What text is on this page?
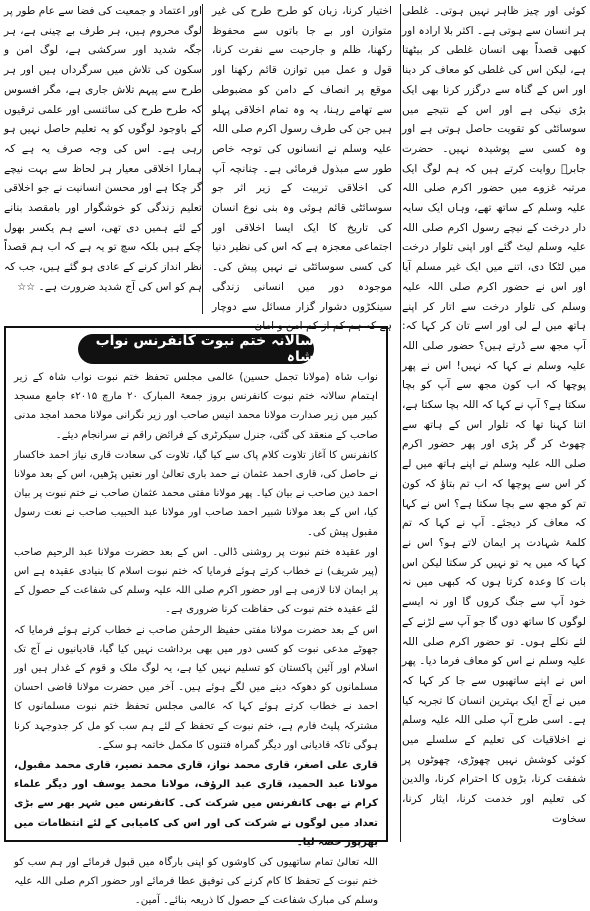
کوئی اور چیز ظاہر نہیں ہوتی۔ غلطی ہر انسان سے ہوتی ہے۔ اکثر بلا ارادہ اور کبھی قصداً بھی انسان غلطی کر بیٹھتا ہے، لیکن اس کی غلطی کو معاف کر دینا اور اس کے گناہ سے درگزر کرنا بھی ایک بڑی نیکی ہے اور اس کے نتیجے میں سوسائٹی کو تقویت حاصل ہوتی ہے اور وہ کسی سے پوشیدہ نہیں۔ حضرت جابرؓ روایت کرتے ہیں کہ ہم لوگ ایک مرتبہ غزوے میں حضور اکرم صلی اللہ علیہ وسلم کے ساتھ تھے، وہاں ایک سایہ دار درخت کے نیچے رسول اکرم صلی اللہ علیہ وسلم لیٹ گئے اور اپنی تلوار درخت میں لٹکا دی، اتنے میں ایک غیر مسلم آیا اور اس نے حضور اکرم صلی اللہ علیہ وسلم کی تلوار درخت سے اتار کر اپنے ہاتھ میں لے لی اور اسے تان کر کہا کہ: آپ مجھ سے ڈرتے ہیں؟ حضور صلی اللہ علیہ وسلم نے کہا کہ نہیں! اس نے پھر پوچھا کہ اب کون مجھ سے آپ کو بچا سکتا ہے؟ آپ نے کہا کہ اللہ بچا سکتا ہے، اتنا کہنا تھا کہ تلوار اس کے ہاتھ سے چھوٹ کر گر پڑی اور پھر حضور اکرم صلی اللہ علیہ وسلم نے اپنے ہاتھ میں لے کر اس سے پوچھا کہ اب تم بتاؤ کہ کون تم کو مجھ سے بچا سکتا ہے؟ اس نے کہا کہ معاف کر دیجئے۔ آپ نے کہا کہ تم کلمۂ شہادت پر ایمان لاتے ہو؟ اس نے کہا کہ میں یہ تو نہیں کر سکتا لیکن اس بات کا وعدہ کرتا ہوں کہ کبھی میں نہ خود آپ سے جنگ کروں گا اور نہ ایسے لوگوں کا ساتھ دوں گا جو آپ سے لڑنے کے لئے نکلے ہوں۔ تو حضور اکرم صلی اللہ علیہ وسلم نے اس کو معاف فرما دیا۔ پھر اس نے اپنے ساتھیوں سے جا کر کہا کہ میں نے آج ایک بہترین انسان کا تجربہ کیا ہے۔ اسی طرح آپ صلی اللہ علیہ وسلم نے اخلاقیات کی تعلیم کے سلسلے میں کوئی کوشش نہیں چھوڑی، چھوٹوں پر شفقت کرنا، بڑوں کا احترام کرنا، والدین کی تعلیم اور خدمت کرنا، ایثار کرنا، سخاوت

اختیار کرنا، زبان کو طرح طرح کی غیر متوازن اور بے جا باتوں سے محفوظ رکھنا، ظلم و جارحیت سے نفرت کرنا، قول و عمل میں توازن قائم رکھنا اور موقع پر انصاف کے دامن کو مضبوطی سے تھامے رہنا، یہ وہ تمام اخلاقی پہلو ہیں جن کی طرف رسول اکرم صلی اللہ علیہ وسلم نے انسانوں کی توجہ خاص طور سے مبذول فرمائی ہے۔ چنانچہ آپ کی اخلاقی تربیت کے زیر اثر جو سوسائٹی قائم ہوئی وہ بنی نوع انسان کی تاریخ کا ایک ایسا اخلاقی اور اجتماعی معجزہ ہے کہ اس کی نظیر دنیا کی کسی سوسائٹی نے نہیں پیش کی۔ موجودہ دور میں انسانی زندگی سینکڑوں دشوار گزار مسائل سے دوچار ہے کہ ہم کم از کم امن و امان

اور اعتماد و جمعیت کی فضا سے عام طور پر لوگ محروم ہیں، ہر طرف بے چینی ہے، ہر جگہ شدید اور سرکشی ہے، لوگ امن و سکون کی تلاش میں سرگرداں ہیں اور ہر طرح سے پیہم تلاش جاری ہے، مگر افسوس کہ طرح طرح کی سائنسی اور علمی ترقیوں کے باوجود لوگوں کو یہ تعلیم حاصل نہیں ہو رہی ہے۔ اس کی وجہ صرف یہ ہے کہ ہمارا اخلاقی معیار ہر لحاظ سے بہت نیچے گر چکا ہے اور محسن انسانیت نے جو اخلاقی تعلیم زندگی کو خوشگوار اور بامقصد بنانے کے لئے ہمیں دی تھی، اسے ہم یکسر بھول چکے ہیں بلکہ سچ تو یہ ہے کہ اب ہم قصداً نظر انداز کرنے کے عادی ہو گئے ہیں، جب کہ ہم کو اس کی آج شدید ضرورت ہے۔ ☆☆

سالانہ ختم نبوت کانفرنس نواب شاہ

نواب شاہ (مولانا تجمل حسین) عالمی مجلس تحفظ ختم نبوت نواب شاہ کے زیر اہتمام سالانہ ختم نبوت کانفرنس بروز جمعۃ المبارک ۲۰ مارچ ۲۰۱۵ء جامع مسجد کبیر میں زیر صدارت مولانا محمد انیس صاحب اور زیر نگرانی مولانا محمد امجد مدنی صاحب کے منعقد کی گئی، جنرل سیکرٹری کے فرائض راقم نے سرانجام دیئے۔

کانفرنس کا آغاز تلاوت کلام پاک سے کیا گیا، تلاوت کی سعادت قاری نیاز احمد خاکسار نے حاصل کی، قاری احمد عثمان نے حمد باری تعالیٰ اور نعتیں پڑھیں، اس کے بعد مولانا احمد دین صاحب نے بیان کیا۔ پھر مولانا مفتی محمد عثمان صاحب نے ختم نبوت پر بیان کیا، اس کے بعد مولانا شبیر احمد صاحب اور مولانا عبد الحبیب صاحب نے نعت رسول مقبول پیش کی۔

اور عقیدہ ختم نبوت پر روشنی ڈالی۔ اس کے بعد حضرت مولانا عبد الرحیم صاحب (پیر شریف) نے خطاب کرتے ہوئے فرمایا کہ ختم نبوت اسلام کا بنیادی عقیدہ ہے اس پر ایمان لانا لازمی ہے اور حضور اکرم صلی اللہ علیہ وسلم کی شفاعت کے حصول کے لئے عقیدہ ختم نبوت کی حفاظت کرنا ضروری ہے۔

اس کے بعد حضرت مولانا مفتی حفیظ الرحمٰن صاحب نے خطاب کرتے ہوئے فرمایا کہ جھوٹے مدعی نبوت کو کسی دور میں بھی برداشت نہیں کیا گیا، قادیانیوں نے آج تک اسلام اور آئین پاکستان کو تسلیم نہیں کیا ہے، یہ لوگ ملک و قوم کے غدار ہیں اور مسلمانوں کو دھوکہ دینے میں لگے ہوئے ہیں۔ آخر میں حضرت مولانا قاضی احسان احمد نے خطاب کرتے ہوئے کہا کہ عالمی مجلس تحفظ ختم نبوت مسلمانوں کا مشترکہ پلیٹ فارم ہے، ختم نبوت کے تحفظ کے لئے ہم سب کو مل کر جدوجہد کرنا ہوگی تاکہ قادیانی اور دیگر گمراہ فتنوں کا مکمل خاتمہ ہو سکے۔

قاری علی اصغر، قاری محمد نواز، قاری محمد نصیر، قاری محمد مقبول، مولانا عبد الحمید، قاری عبد الرؤف، مولانا محمد یوسف اور دیگر علماء کرام نے بھی کانفرنس میں شرکت کی۔ کانفرنس میں شہر بھر سے بڑی تعداد میں لوگوں نے شرکت کی اور اس کی کامیابی کے لئے انتظامات میں بھرپور حصہ لیا۔

اللہ تعالیٰ تمام ساتھیوں کی کاوشوں کو اپنی بارگاہ میں قبول فرمائے اور ہم سب کو ختم نبوت کے تحفظ کا کام کرنے کی توفیق عطا فرمائے اور حضور اکرم صلی اللہ علیہ وسلم کی مبارک شفاعت کے حصول کا ذریعہ بنائے۔ آمین۔
